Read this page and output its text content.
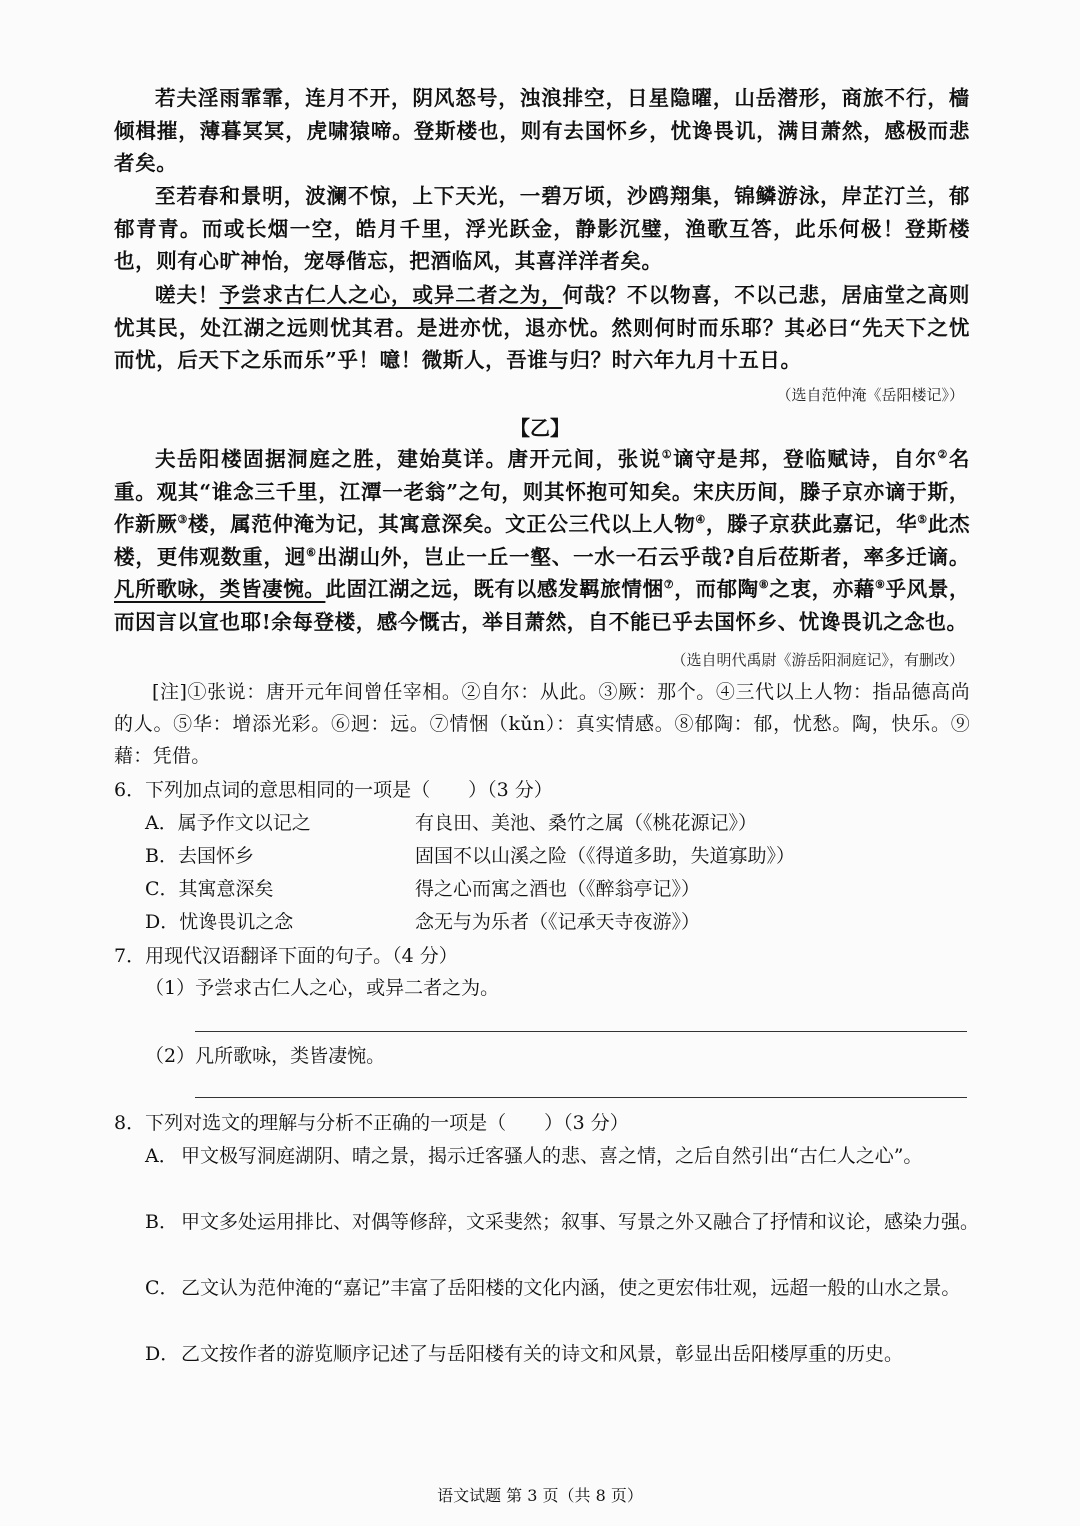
若夫淫雨霏霏，连月不开，阴风怒号，浊浪排空，日星隐曜，山岳潜形，商旅不行，樯倾楫摧，薄暮冥冥，虎啸猿啼。登斯楼也，则有去国怀乡，忧谗畏讥，满目萧然，感极而悲者矣。
至若春和景明，波澜不惊，上下天光，一碧万顷，沙鸥翔集，锦鳞游泳，岸芷汀兰，郁郁青青。而或长烟一空，皓月千里，浮光跃金，静影沉璧，渔歌互答，此乐何极！登斯楼也，则有心旷神怡，宠辱偕忘，把酒临风，其喜洋洋者矣。
嗟夫！予尝求古仁人之心，或异二者之为，何哉？不以物喜，不以己悲，居庙堂之高则忧其民，处江湖之远则忧其君。是进亦忧，退亦忧。然则何时而乐耶？其必曰“先天下之忧而忧，后天下之乐而乐”乎！噫！微斯人，吾谁与归？时六年九月十五日。
（选自范仲淹《岳阳楼记》）
【乙】
夫岳阳楼固据洞庭之胜，建始莫详。唐开元间，张说①谪守是邦，登临赋诗，自尔②名重。观其“谁念三千里，江潭一老翁”之句，则其怀抱可知矣。宋庆历间，滕子京亦谪于斯，作新厥③楼，属范仲淹为记，其寓意深矣。文正公三代以上人物④，滕子京获此嘉记，华⑤此杰楼，更伟观数重，迥⑥出湖山外，岂止一丘一壑、一水一石云乎哉?自后莅斯者，率多迁谪。凡所歌咏，类皆凄惋。此固江湖之远，既有以感发羁旅情悃⑦，而郁陶⑧之衷，亦藉⑨乎风景，而因言以宣也耶!余每登楼，感今慨古，举目萧然，自不能已乎去国怀乡、忧谗畏讥之念也。
（选自明代禹尉《游岳阳洞庭记》，有删改）
[注]①张说：唐开元年间曾任宰相。②自尔：从此。③厥：那个。④三代以上人物：指品德高尚的人。⑤华：增添光彩。⑥迥：远。⑦情悃（kǔn）：真实情感。⑧郁陶：郁，忧愁。陶，快乐。⑨藉：凭借。
6．下列加点词的意思相同的一项是（　　）（3 分）
A．属予作文以记之	有良田、美池、桑竹之属（《桃花源记》）
B．去国怀乡	固国不以山溪之险（《得道多助，失道寡助》）
C．其寓意深矣	得之心而寓之酒也（《醉翁亭记》）
D．忧谗畏讥之念	念无与为乐者（《记承天寺夜游》）
7．用现代汉语翻译下面的句子。（4 分）
（1）予尝求古仁人之心，或异二者之为。
（2）凡所歌咏，类皆凄惋。
8．下列对选文的理解与分析不正确的一项是（　　）（3 分）
A． 甲文极写洞庭湖阴、晴之景，揭示迁客骚人的悲、喜之情，之后自然引出“古仁人之心”。
B． 甲文多处运用排比、对偶等修辞，文采斐然；叙事、写景之外又融合了抒情和议论，感染力强。
C． 乙文认为范仲淹的“嘉记”丰富了岳阳楼的文化内涵，使之更宏伟壮观，远超一般的山水之景。
D．乙文按作者的游览顺序记述了与岳阳楼有关的诗文和风景，彰显出岳阳楼厚重的历史。
语文试题 第 3 页（共 8 页）
